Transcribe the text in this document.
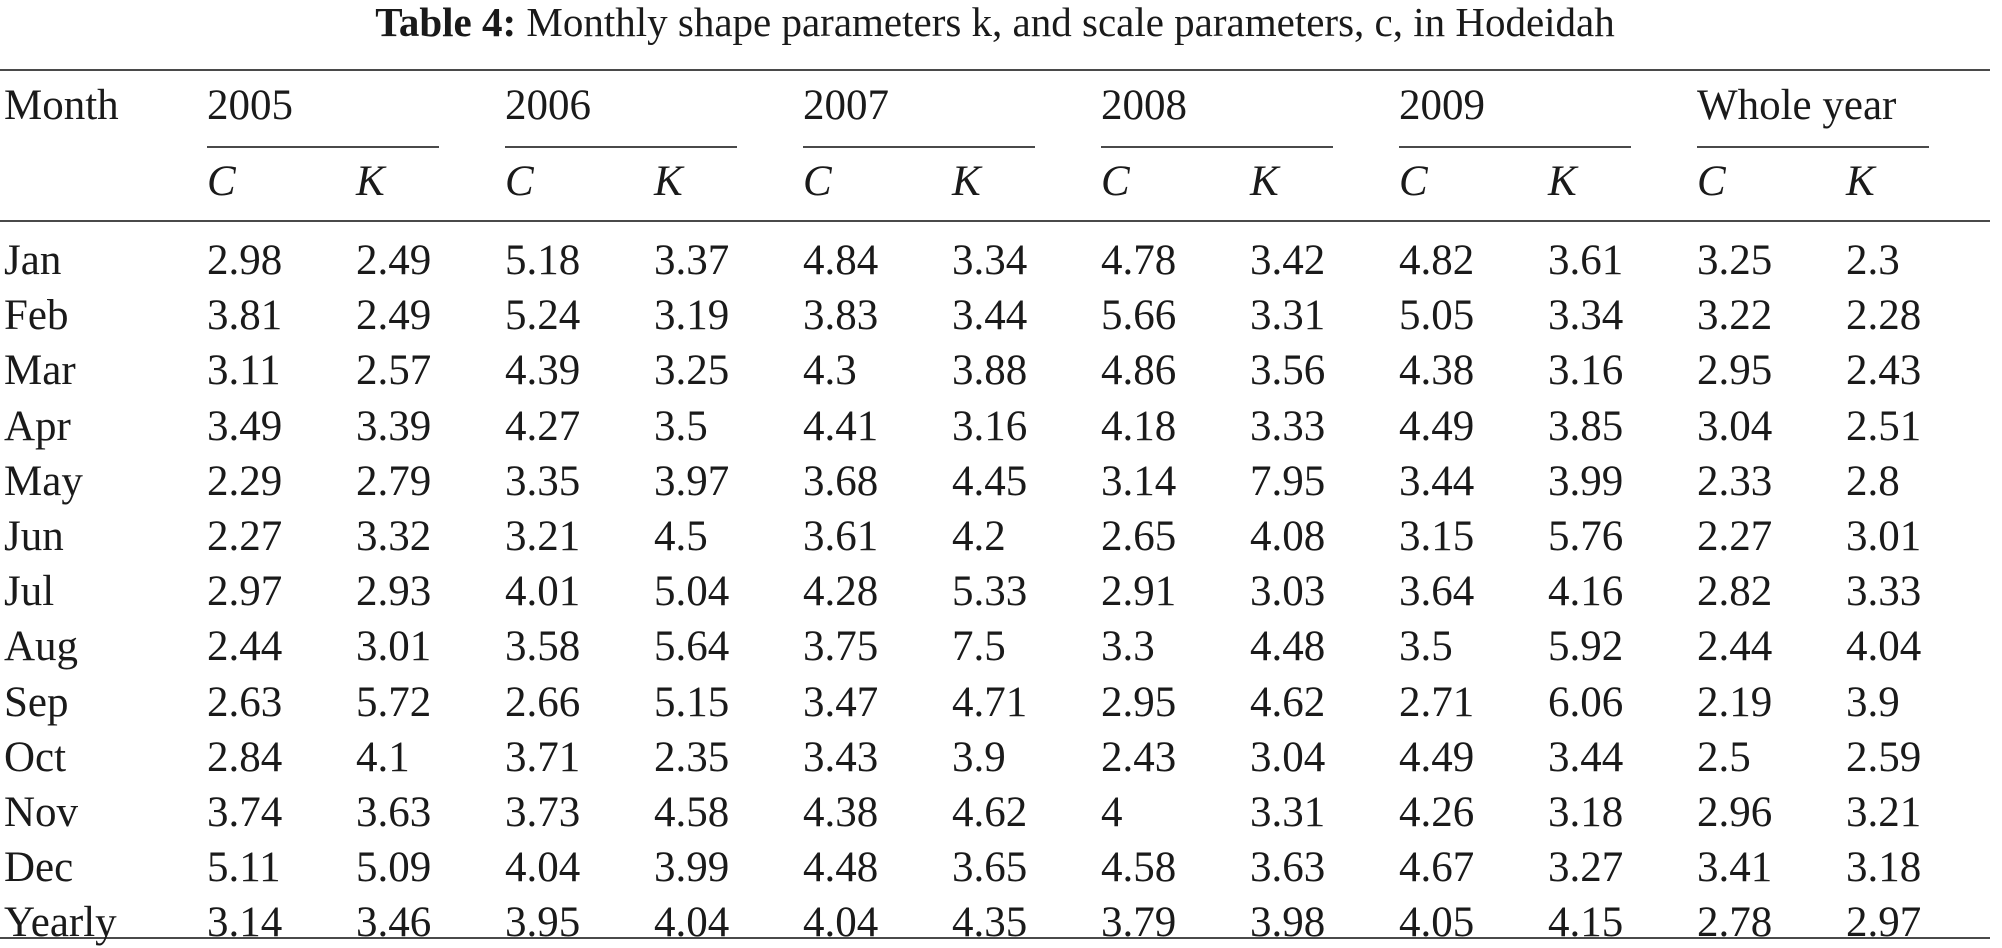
Table 4: Monthly shape parameters k, and scale parameters, c, in Hodeidah
Month 2005	2006	2007	2008	2009	Whole year
C	K	C	K	C	K	C	K	C	K	C	K
Jan	2.98 2.49 5.18 3.37 4.84 3.34 4.78 3.42 4.82 3.61 3.25 2.3
Feb	3.81 2.49 5.24 3.19 3.83 3.44 5.66 3.31 5.05 3.34 3.22 2.28
Mar	3.11 2.57 4.39 3.25 4.3 3.88 4.86 3.56 4.38 3.16 2.95 2.43
Apr	3.49 3.39 4.27 3.5 4.41 3.16 4.18 3.33 4.49 3.85 3.04 2.51
May	2.29 2.79 3.35 3.97 3.68 4.45 3.14 7.95 3.44 3.99 2.33 2.8
Jun	2.27 3.32 3.21 4.5 3.61 4.2 2.65 4.08 3.15 5.76 2.27 3.01
Jul	2.97 2.93 4.01 5.04 4.28 5.33 2.91 3.03 3.64 4.16 2.82 3.33
Aug	2.44 3.01 3.58 5.64 3.75 7.5 3.3 4.48 3.5 5.92 2.44 4.04
Sep	2.63 5.72 2.66 5.15 3.47 4.71 2.95 4.62 2.71 6.06 2.19 3.9
Oct	2.84 4.1 3.71 2.35 3.43 3.9 2.43 3.04 4.49 3.44 2.5 2.59
Nov	3.74 3.63 3.73 4.58 4.38 4.62 4	3.31 4.26 3.18 2.96 3.21
Dec	5.11 5.09 4.04 3.99 4.48 3.65 4.58 3.63 4.67 3.27 3.41 3.18
Yearly 3.14 3.46 3.95 4.04 4.04 4.35 3.79 3.98 4.05 4.15 2.78 2.97
